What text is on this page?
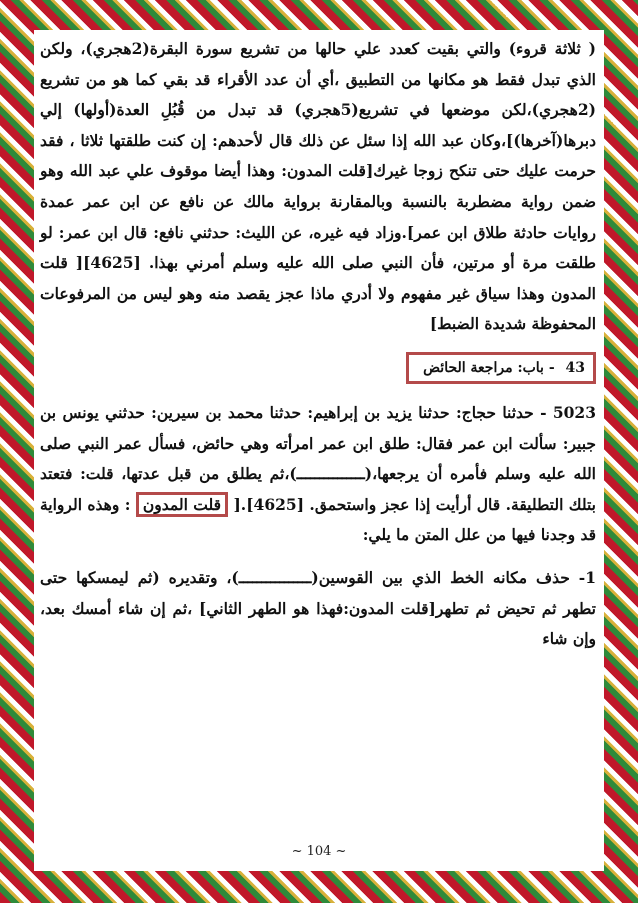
( ثلاثة قروء) والتي بقيت كعدد علي حالها من تشريع سورة البقرة(2هجري)، ولكن الذي تبدل فقط هو مكانها من التطبيق ،أي أن عدد الأقراء قد بقي كما هو من تشريع (2هجري)،لكن موضعها في تشريع(5هجري) قد تبدل من قُبُلِ العدة(أولها) إلي دبرها(آخرها)]،وكان عبد الله إذا سئل عن ذلك قال لأحدهم: إن كنت طلقتها ثلاثا ، فقد حرمت عليك حتى تنكح زوجا غيرك[قلت المدون: وهذا أيضا موقوف علي عبد الله وهو ضمن رواية مضطربة بالنسبة وبالمقارنة برواية مالك عن نافع عن ابن عمر عمدة روايات حادثة طلاق ابن عمر].وزاد فيه غيره، عن الليث: حدثني نافع: قال ابن عمر: لو طلقت مرة أو مرتين، فأن النبي صلى الله عليه وسلم أمرني بهذا. [4625][ قلت المدون وهذا سياق غير مفهوم ولا أدري ماذا عجز يقصد منه وهو ليس من المرفوعات المحفوظة شديدة الضبط]

43 - باب: مراجعة الحائض

5023 - حدثنا حجاج: حدثنا يزيد بن إبراهيم: حدثنا محمد بن سيرين: حدثني يونس بن جبير: سألت ابن عمر فقال: طلق ابن عمر امرأته وهي حائض، فسأل عمر النبي صلى الله عليه وسلم فأمره أن يرجعها،(ـــــــــــــــ)،ثم يطلق من قبل عدتها، قلت: فتعتد بتلك التطليقة. قال أرأيت إذا عجز واستحمق. [4625].[ قلت المدون : وهذه الرواية قد وجدنا فيها من علل المتن ما يلي:

1- حذف مكانه الخط الذي بين القوسين(ــــــــــــــــ)، وتقديره (ثم ليمسكها حتى تطهر ثم تحيض ثم تطهر[قلت المدون:فهذا هو الطهر الثاني] ،ثم إن شاء أمسك بعد، وإن شاء

~ 104 ~
